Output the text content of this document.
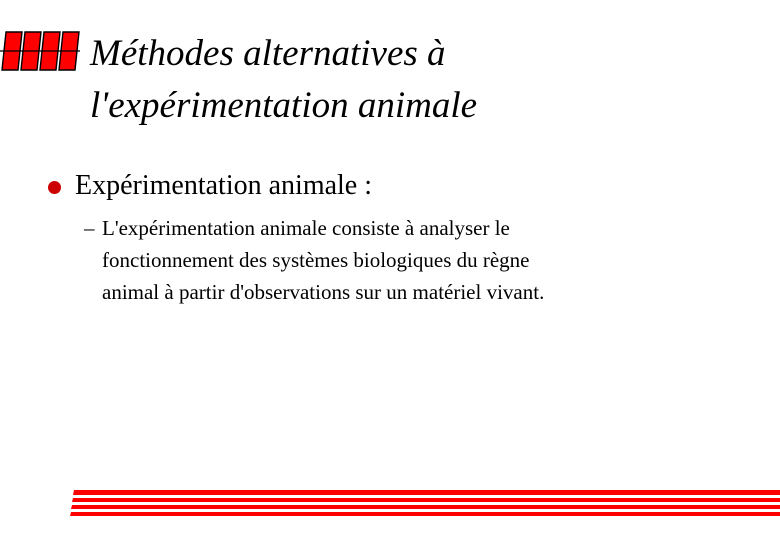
Méthodes alternatives à
l'expérimentation animale
Expérimentation animale :
– L'expérimentation animale consiste à analyser le
fonctionnement des systèmes biologiques du règne
animal à partir d'observations sur un matériel vivant.
